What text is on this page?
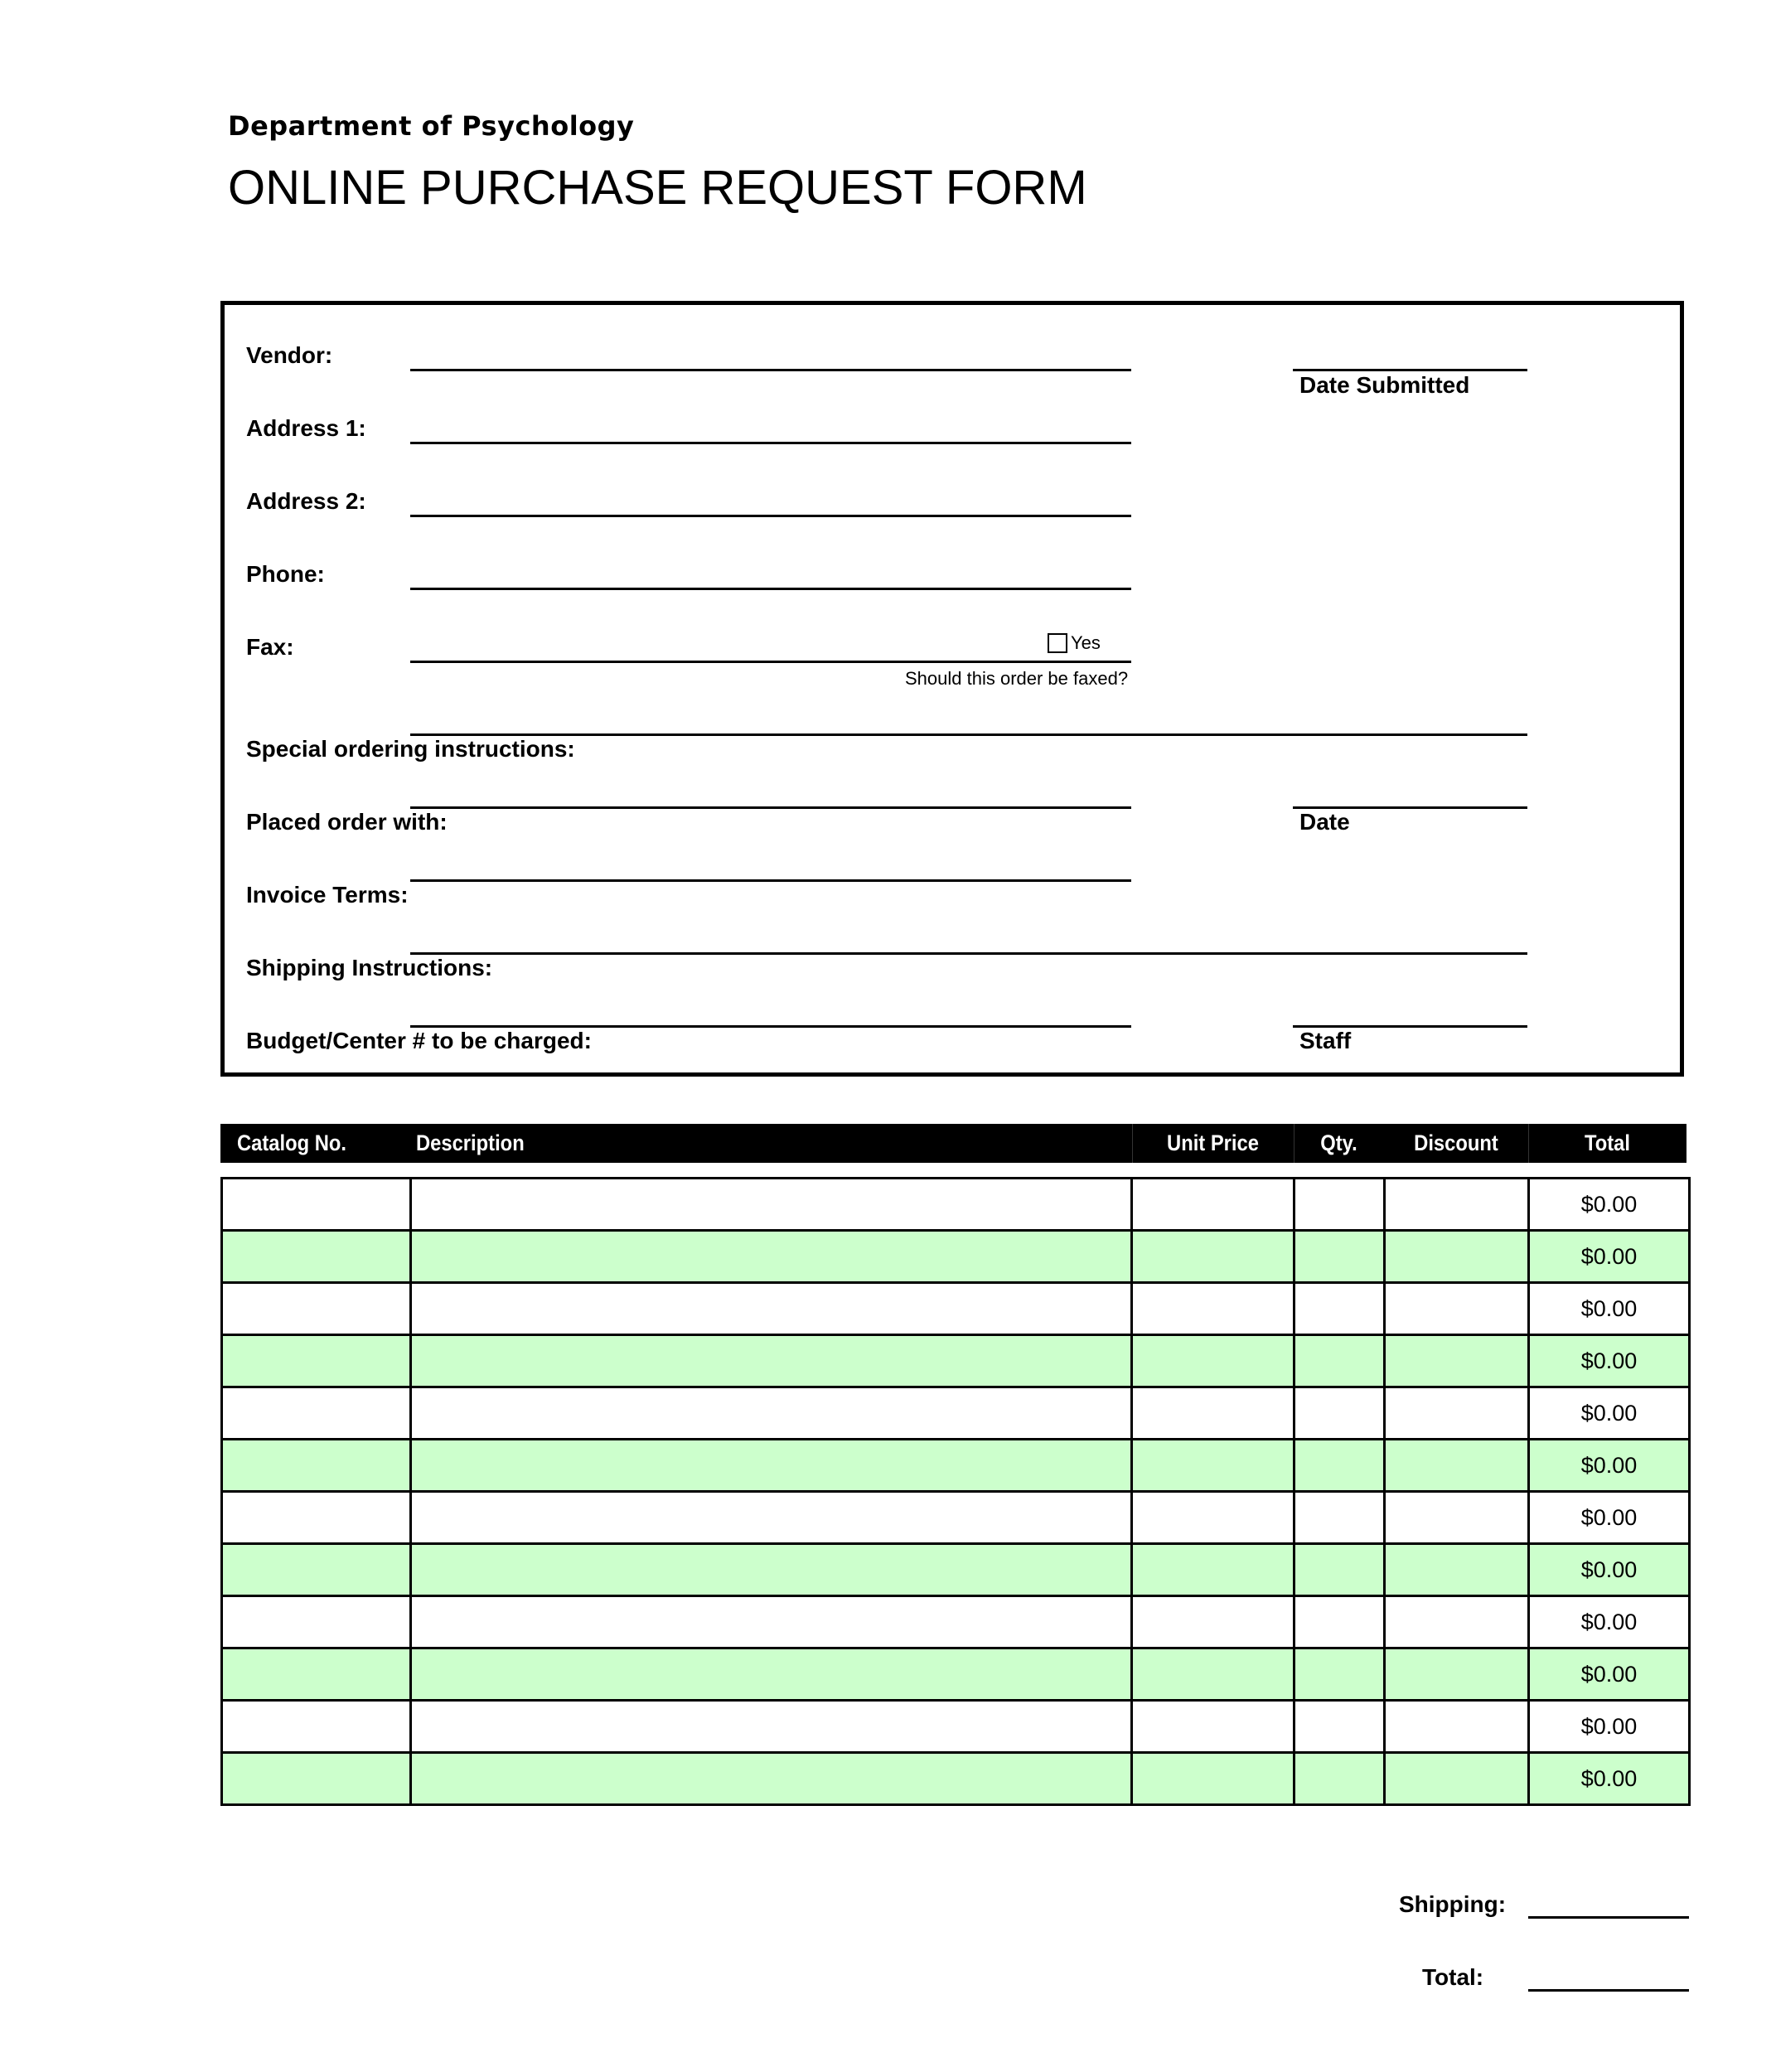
Department of Psychology
ONLINE PURCHASE REQUEST FORM
Vendor:
Date Submitted
Address 1:
Address 2:
Phone:
Fax:	Yes
Should this order be faxed?
Special ordering instructions:
Placed order with:	Date
Invoice Terms:
Shipping Instructions:
Budget/Center # to be charged:	Staff
Catalog No.	Description	Unit Price	Qty.	Discount	Total
					$0.00
					$0.00
					$0.00
					$0.00
					$0.00
					$0.00
					$0.00
					$0.00
					$0.00
					$0.00
					$0.00
					$0.00
Shipping:
Total:
